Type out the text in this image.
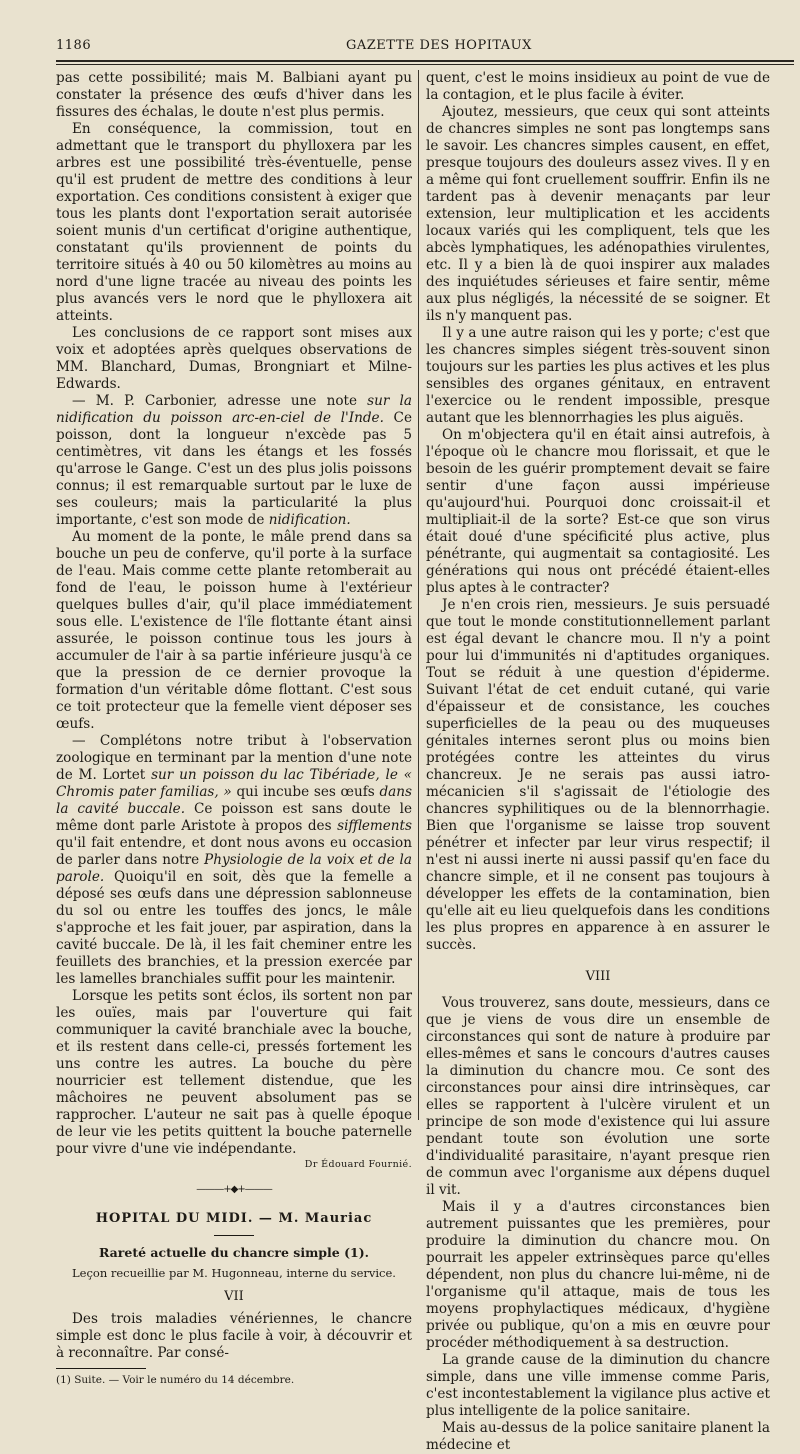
1186	GAZETTE DES HOPITAUX

pas cette possibilité; mais M. Balbiani ayant pu constater la présence des œufs d'hiver dans les fissures des échalas, le doute n'est plus permis.

En conséquence, la commission, tout en admettant que le transport du phylloxera par les arbres est une possibilité très-éventuelle, pense qu'il est prudent de mettre des conditions à leur exportation. Ces conditions consistent à exiger que tous les plants dont l'exportation serait autorisée soient munis d'un certificat d'origine authentique, constatant qu'ils proviennent de points du territoire situés à 40 ou 50 kilomètres au moins au nord d'une ligne tracée au niveau des points les plus avancés vers le nord que le phylloxera ait atteints.

Les conclusions de ce rapport sont mises aux voix et adoptées après quelques observations de MM. Blanchard, Dumas, Brongniart et Milne-Edwards.

— M. P. Carbonier, adresse une note sur la nidification du poisson arc-en-ciel de l'Inde. Ce poisson, dont la longueur n'excède pas 5 centimètres, vit dans les étangs et les fossés qu'arrose le Gange. C'est un des plus jolis poissons connus; il est remarquable surtout par le luxe de ses couleurs; mais la particularité la plus importante, c'est son mode de nidification.

Au moment de la ponte, le mâle prend dans sa bouche un peu de conferve, qu'il porte à la surface de l'eau. Mais comme cette plante retomberait au fond de l'eau, le poisson hume à l'extérieur quelques bulles d'air, qu'il place immédiatement sous elle. L'existence de l'île flottante étant ainsi assurée, le poisson continue tous les jours à accumuler de l'air à sa partie inférieure jusqu'à ce que la pression de ce dernier provoque la formation d'un véritable dôme flottant. C'est sous ce toit protecteur que la femelle vient déposer ses œufs.

— Complétons notre tribut à l'observation zoologique en terminant par la mention d'une note de M. Lortet sur un poisson du lac Tibériade, le « Chromis pater familias, » qui incube ses œufs dans la cavité buccale. Ce poisson est sans doute le même dont parle Aristote à propos des sifflements qu'il fait entendre, et dont nous avons eu occasion de parler dans notre Physiologie de la voix et de la parole. Quoiqu'il en soit, dès que la femelle a déposé ses œufs dans une dépression sablonneuse du sol ou entre les touffes des joncs, le mâle s'approche et les fait jouer, par aspiration, dans la cavité buccale. De là, il les fait cheminer entre les feuillets des branchies, et la pression exercée par les lamelles branchiales suffit pour les maintenir.

Lorsque les petits sont éclos, ils sortent non par les ouïes, mais par l'ouverture qui fait communiquer la cavité branchiale avec la bouche, et ils restent dans celle-ci, pressés fortement les uns contre les autres. La bouche du père nourricier est tellement distendue, que les mâchoires ne peuvent absolument pas se rapprocher. L'auteur ne sait pas à quelle époque de leur vie les petits quittent la bouche paternelle pour vivre d'une vie indépendante.

Dr Édouard Fournié.
———+◆+———
HOPITAL DU MIDI. — M. Mauriac
Rareté actuelle du chancre simple (1).
Leçon recueillie par M. Hugonneau, interne du service.
VII

Des trois maladies vénériennes, le chancre simple est donc le plus facile à voir, à découvrir et à reconnaître. Par consé-

(1) Suite. — Voir le numéro du 14 décembre.

quent, c'est le moins insidieux au point de vue de la contagion, et le plus facile à éviter.

Ajoutez, messieurs, que ceux qui sont atteints de chancres simples ne sont pas longtemps sans le savoir. Les chancres simples causent, en effet, presque toujours des douleurs assez vives. Il y en a même qui font cruellement souffrir. Enfin ils ne tardent pas à devenir menaçants par leur extension, leur multiplication et les accidents locaux variés qui les compliquent, tels que les abcès lymphatiques, les adénopathies virulentes, etc. Il y a bien là de quoi inspirer aux malades des inquiétudes sérieuses et faire sentir, même aux plus négligés, la nécessité de se soigner. Et ils n'y manquent pas.

Il y a une autre raison qui les y porte; c'est que les chancres simples siégent très-souvent sinon toujours sur les parties les plus actives et les plus sensibles des organes génitaux, en entravent l'exercice ou le rendent impossible, presque autant que les blennorrhagies les plus aiguës.

On m'objectera qu'il en était ainsi autrefois, à l'époque où le chancre mou florissait, et que le besoin de les guérir promptement devait se faire sentir d'une façon aussi impérieuse qu'aujourd'hui. Pourquoi donc croissait-il et multipliait-il de la sorte? Est-ce que son virus était doué d'une spécificité plus active, plus pénétrante, qui augmentait sa contagiosité. Les générations qui nous ont précédé étaient-elles plus aptes à le contracter?

Je n'en crois rien, messieurs. Je suis persuadé que tout le monde constitutionnellement parlant est égal devant le chancre mou. Il n'y a point pour lui d'immunités ni d'aptitudes organiques. Tout se réduit à une question d'épiderme. Suivant l'état de cet enduit cutané, qui varie d'épaisseur et de consistance, les couches superficielles de la peau ou des muqueuses génitales internes seront plus ou moins bien protégées contre les atteintes du virus chancreux. Je ne serais pas aussi iatro-mécanicien s'il s'agissait de l'étiologie des chancres syphilitiques ou de la blennorrhagie. Bien que l'organisme se laisse trop souvent pénétrer et infecter par leur virus respectif; il n'est ni aussi inerte ni aussi passif qu'en face du chancre simple, et il ne consent pas toujours à développer les effets de la contamination, bien qu'elle ait eu lieu quelquefois dans les conditions les plus propres en apparence à en assurer le succès.

VIII

Vous trouverez, sans doute, messieurs, dans ce que je viens de vous dire un ensemble de circonstances qui sont de nature à produire par elles-mêmes et sans le concours d'autres causes la diminution du chancre mou. Ce sont des circonstances pour ainsi dire intrinsèques, car elles se rapportent à l'ulcère virulent et un principe de son mode d'existence qui lui assure pendant toute son évolution une sorte d'individualité parasitaire, n'ayant presque rien de commun avec l'organisme aux dépens duquel il vit.

Mais il y a d'autres circonstances bien autrement puissantes que les premières, pour produire la diminution du chancre mou. On pourrait les appeler extrinsèques parce qu'elles dépendent, non plus du chancre lui-même, ni de l'organisme qu'il attaque, mais de tous les moyens prophylactiques médicaux, d'hygiène privée ou publique, qu'on a mis en œuvre pour procéder méthodiquement à sa destruction.

La grande cause de la diminution du chancre simple, dans une ville immense comme Paris, c'est incontestablement la vigilance plus active et plus intelligente de la police sanitaire.

Mais au-dessus de la police sanitaire planent la médecine et
